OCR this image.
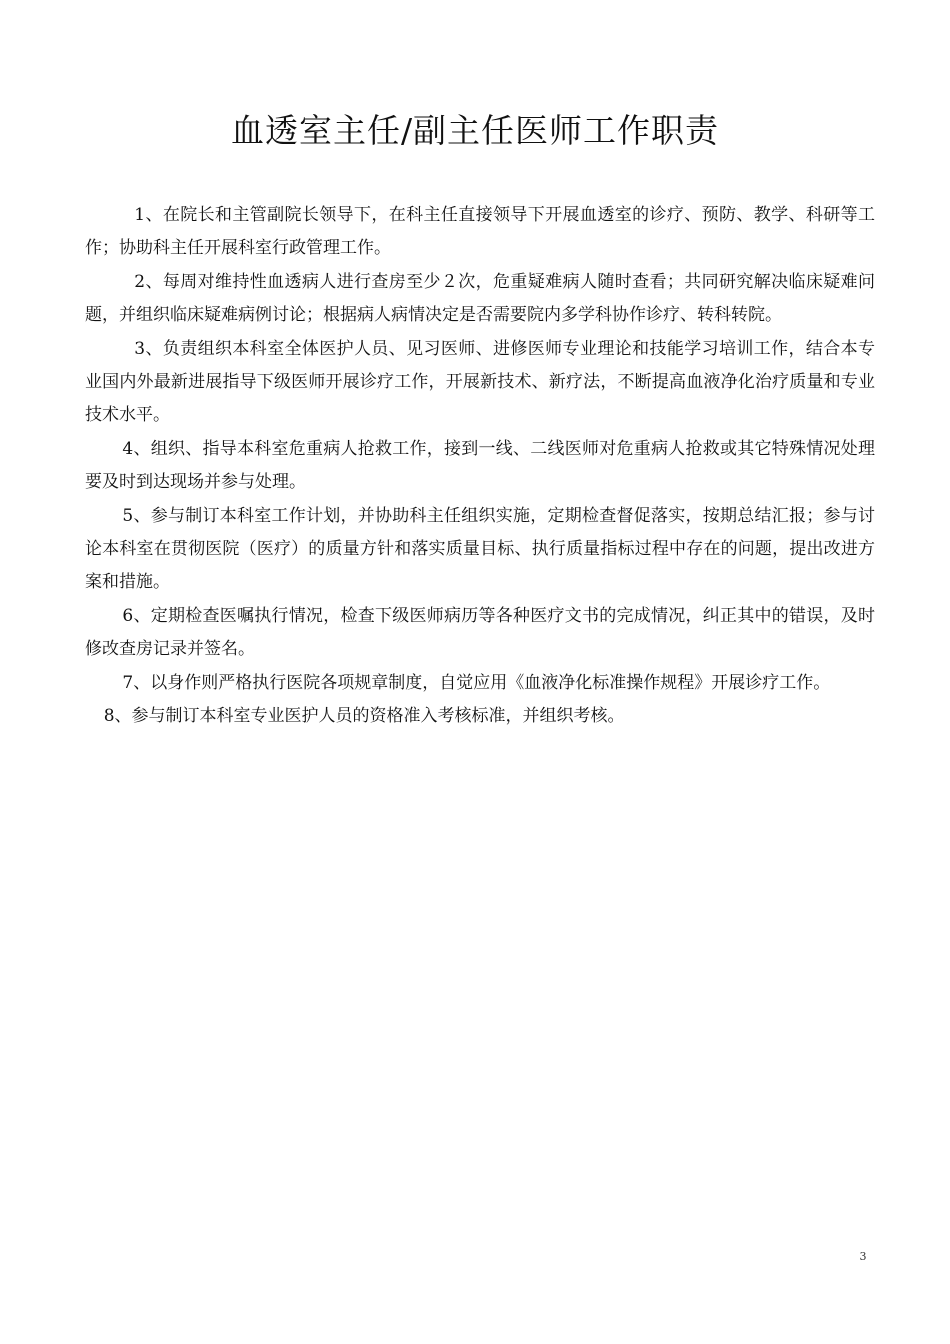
血透室主任/副主任医师工作职责

1、在院长和主管副院长领导下，在科主任直接领导下开展血透室的诊疗、预防、教学、科研等工作；协助科主任开展科室行政管理工作。

2、每周对维持性血透病人进行查房至少２次，危重疑难病人随时查看；共同研究解决临床疑难问题，并组织临床疑难病例讨论；根据病人病情决定是否需要院内多学科协作诊疗、转科转院。

3、负责组织本科室全体医护人员、见习医师、进修医师专业理论和技能学习培训工作，结合本专业国内外最新进展指导下级医师开展诊疗工作，开展新技术、新疗法，不断提高血液净化治疗质量和专业技术水平。

4、组织、指导本科室危重病人抢救工作，接到一线、二线医师对危重病人抢救或其它特殊情况处理要及时到达现场并参与处理。

5、参与制订本科室工作计划，并协助科主任组织实施，定期检查督促落实，按期总结汇报；参与讨论本科室在贯彻医院（医疗）的质量方针和落实质量目标、执行质量指标过程中存在的问题，提出改进方案和措施。

6、定期检查医嘱执行情况，检查下级医师病历等各种医疗文书的完成情况，纠正其中的错误，及时修改查房记录并签名。

7、以身作则严格执行医院各项规章制度，自觉应用《血液净化标准操作规程》开展诊疗工作。

8、参与制订本科室专业医护人员的资格准入考核标准，并组织考核。

3
